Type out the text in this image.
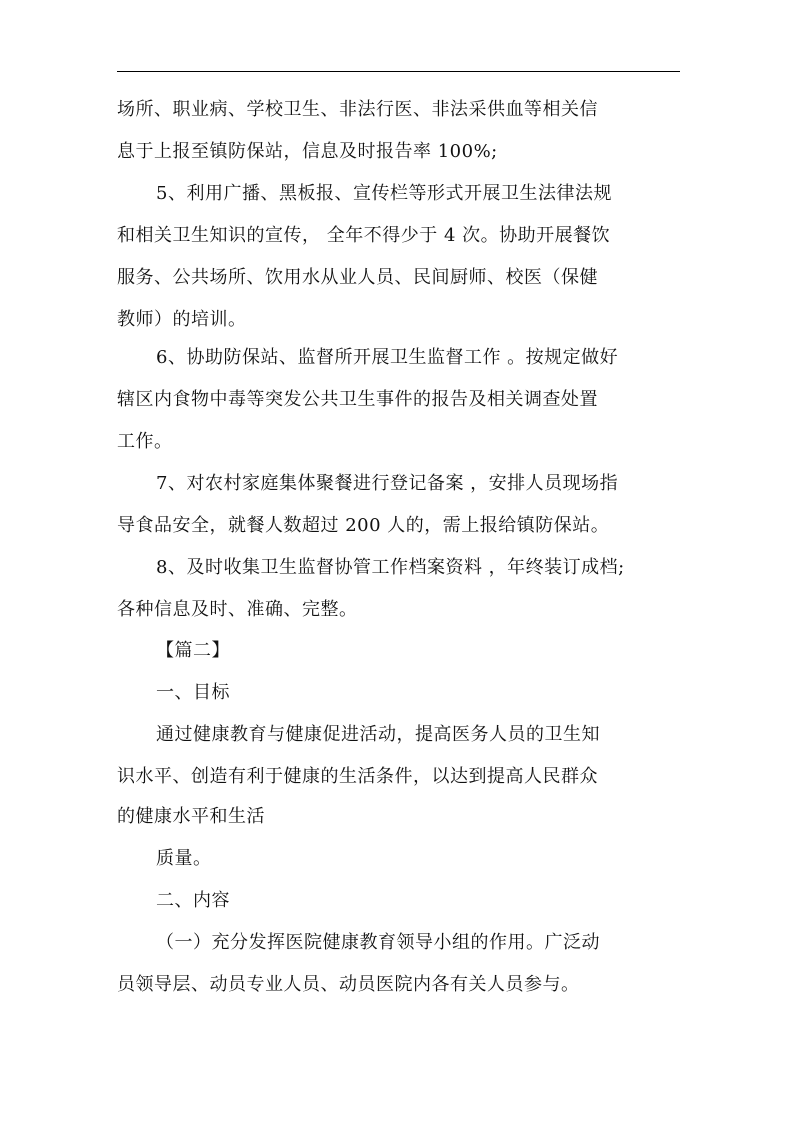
场所、职业病、学校卫生、非法行医、非法采供血等相关信
息于上报至镇防保站，信息及时报告率 100%;
5、利用广播、黑板报、宣传栏等形式开展卫生法律法规
和相关卫生知识的宣传， 全年不得少于 4 次。协助开展餐饮
服务、公共场所、饮用水从业人员、民间厨师、校医（保健
教师）的培训。
6、协助防保站、监督所开展卫生监督工作 。按规定做好
辖区内食物中毒等突发公共卫生事件的报告及相关调查处置
工作。
7、对农村家庭集体聚餐进行登记备案 ，安排人员现场指
导食品安全，就餐人数超过 200 人的，需上报给镇防保站。
8、及时收集卫生监督协管工作档案资料 ，年终装订成档;
各种信息及时、准确、完整。
【篇二】
一、目标
通过健康教育与健康促进活动，提高医务人员的卫生知
识水平、创造有利于健康的生活条件，以达到提高人民群众
的健康水平和生活
质量。
二、内容
（一）充分发挥医院健康教育领导小组的作用。广泛动
员领导层、动员专业人员、动员医院内各有关人员参与。
